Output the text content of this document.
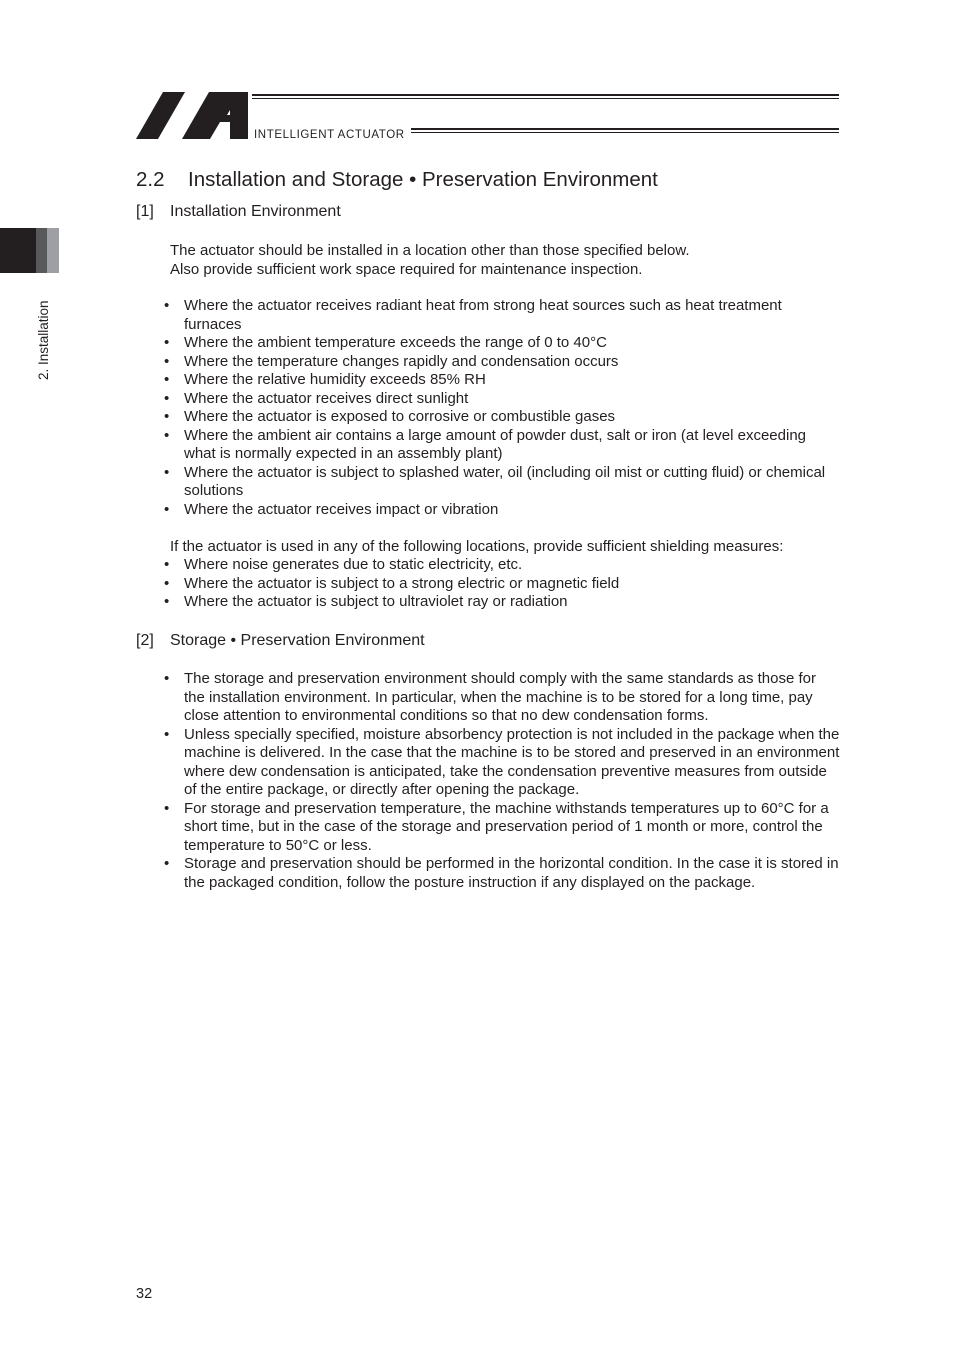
INTELLIGENT ACTUATOR
2. Installation
2.2 Installation and Storage • Preservation Environment
[1] Installation Environment
The actuator should be installed in a location other than those specified below.
Also provide sufficient work space required for maintenance inspection.
• Where the actuator receives radiant heat from strong heat sources such as heat treatment furnaces
• Where the ambient temperature exceeds the range of 0 to 40°C
• Where the temperature changes rapidly and condensation occurs
• Where the relative humidity exceeds 85% RH
• Where the actuator receives direct sunlight
• Where the actuator is exposed to corrosive or combustible gases
• Where the ambient air contains a large amount of powder dust, salt or iron (at level exceeding what is normally expected in an assembly plant)
• Where the actuator is subject to splashed water, oil (including oil mist or cutting fluid) or chemical solutions
• Where the actuator receives impact or vibration
If the actuator is used in any of the following locations, provide sufficient shielding measures:
• Where noise generates due to static electricity, etc.
• Where the actuator is subject to a strong electric or magnetic field
• Where the actuator is subject to ultraviolet ray or radiation
[2] Storage • Preservation Environment
• The storage and preservation environment should comply with the same standards as those for the installation environment. In particular, when the machine is to be stored for a long time, pay close attention to environmental conditions so that no dew condensation forms.
• Unless specially specified, moisture absorbency protection is not included in the package when the machine is delivered. In the case that the machine is to be stored and preserved in an environment where dew condensation is anticipated, take the condensation preventive measures from outside of the entire package, or directly after opening the package.
• For storage and preservation temperature, the machine withstands temperatures up to 60°C for a short time, but in the case of the storage and preservation period of 1 month or more, control the temperature to 50°C or less.
• Storage and preservation should be performed in the horizontal condition. In the case it is stored in the packaged condition, follow the posture instruction if any displayed on the package.
32
